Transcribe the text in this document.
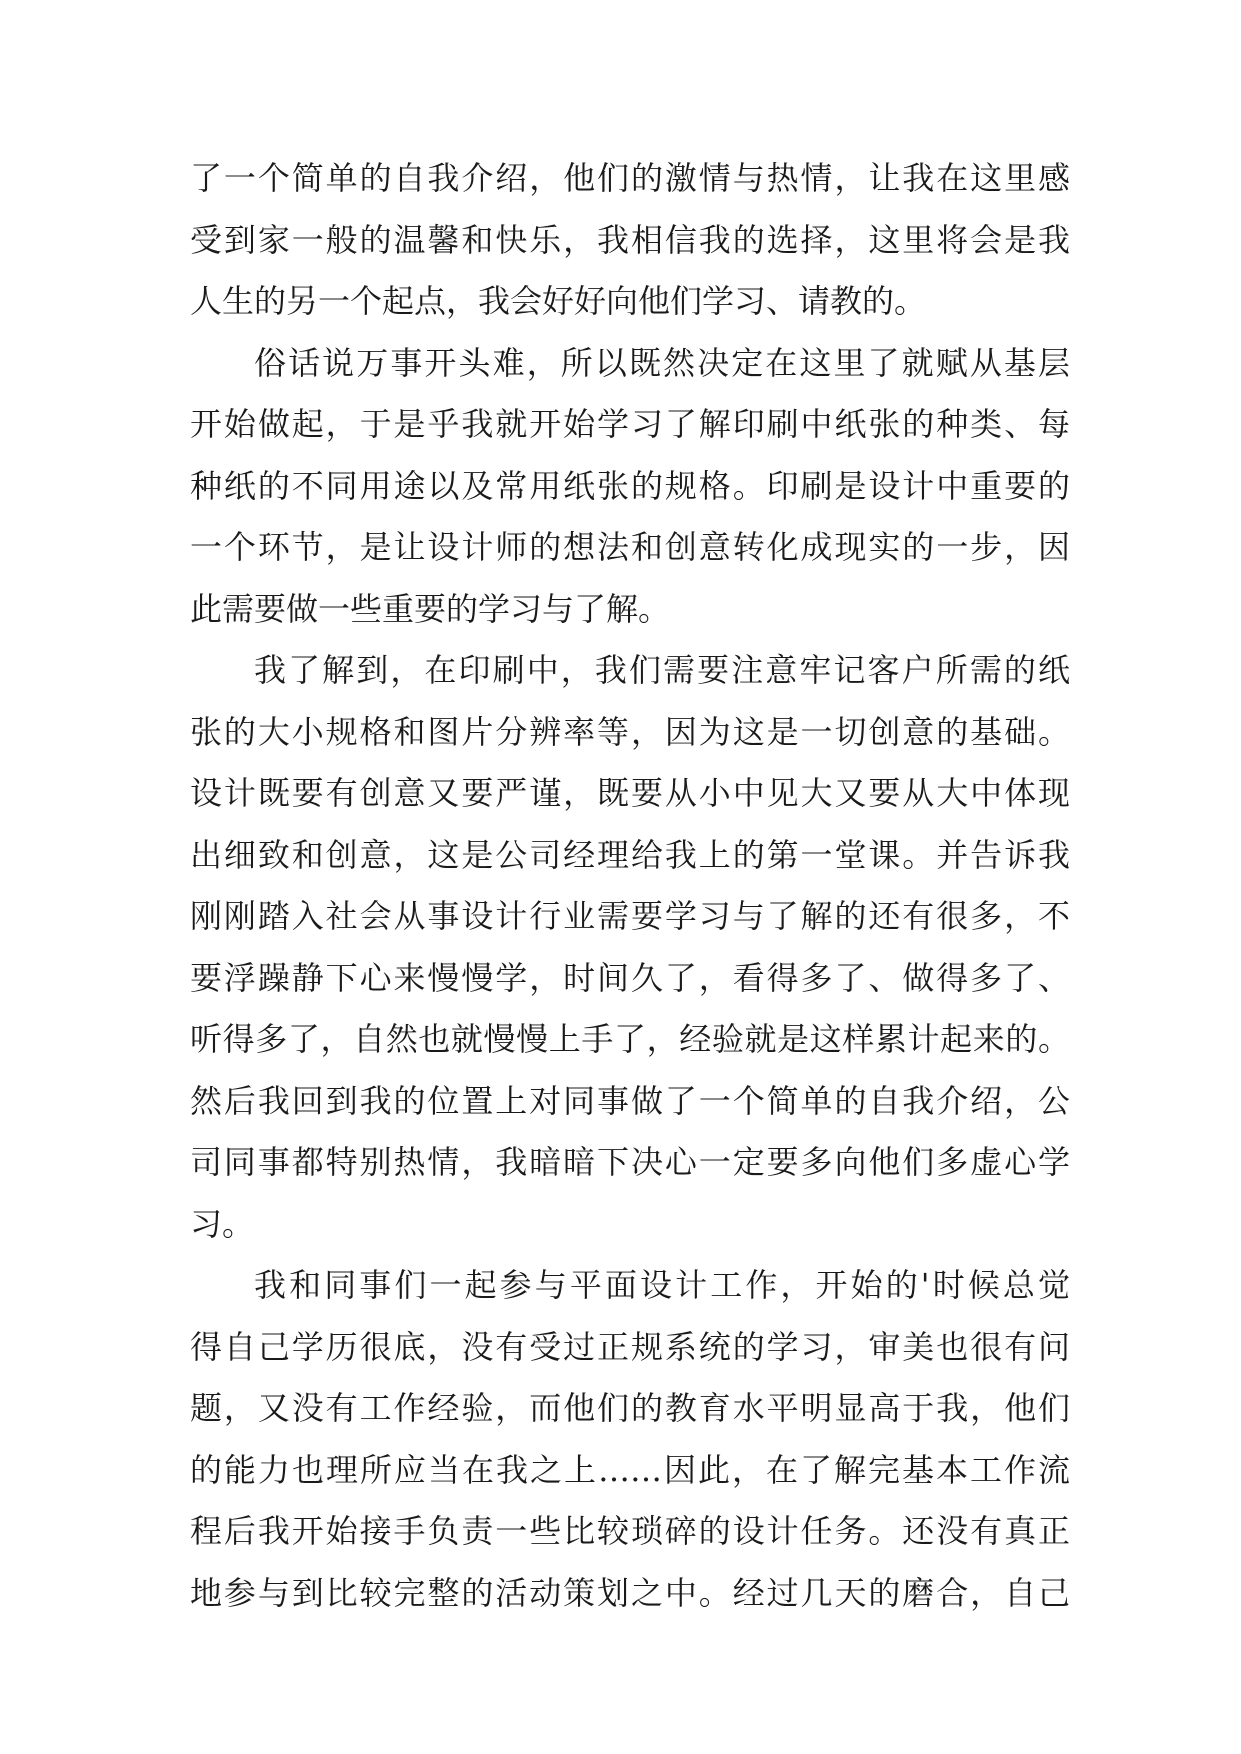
了一个简单的自我介绍，他们的激情与热情，让我在这里感
受到家一般的温馨和快乐，我相信我的选择，这里将会是我
人生的另一个起点，我会好好向他们学习、请教的。
俗话说万事开头难，所以既然决定在这里了就赋从基层
开始做起，于是乎我就开始学习了解印刷中纸张的种类、每
种纸的不同用途以及常用纸张的规格。印刷是设计中重要的
一个环节，是让设计师的想法和创意转化成现实的一步，因
此需要做一些重要的学习与了解。
我了解到，在印刷中，我们需要注意牢记客户所需的纸
张的大小规格和图片分辨率等，因为这是一切创意的基础。
设计既要有创意又要严谨，既要从小中见大又要从大中体现
出细致和创意，这是公司经理给我上的第一堂课。并告诉我
刚刚踏入社会从事设计行业需要学习与了解的还有很多，不
要浮躁静下心来慢慢学，时间久了，看得多了、做得多了、
听得多了，自然也就慢慢上手了，经验就是这样累计起来的。
然后我回到我的位置上对同事做了一个简单的自我介绍，公
司同事都特别热情，我暗暗下决心一定要多向他们多虚心学
习。
我和同事们一起参与平面设计工作，开始的'时候总觉
得自己学历很底，没有受过正规系统的学习，审美也很有问
题，又没有工作经验，而他们的教育水平明显高于我，他们
的能力也理所应当在我之上……因此，在了解完基本工作流
程后我开始接手负责一些比较琐碎的设计任务。还没有真正
地参与到比较完整的活动策划之中。经过几天的磨合，自己
